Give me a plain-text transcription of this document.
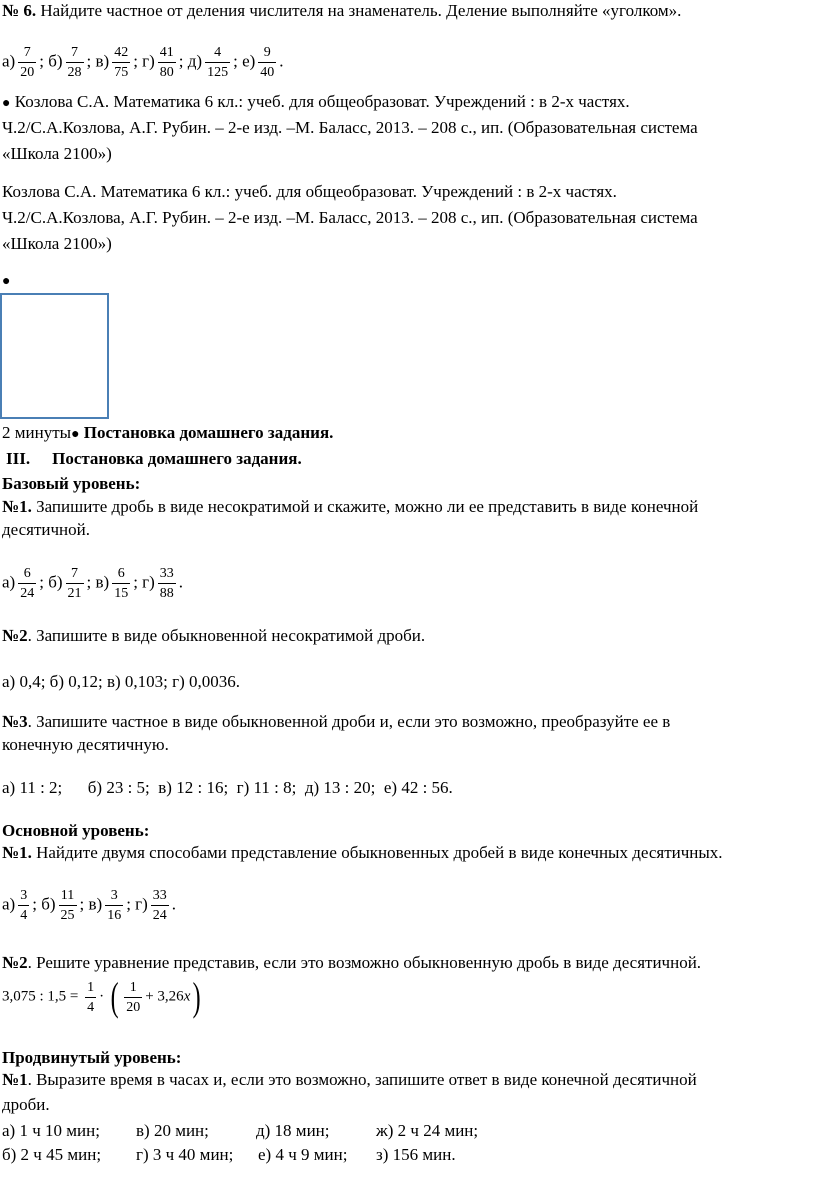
№ 6. Найдите частное от деления числителя на знаменатель. Деление выполняйте «уголком».
$а) \frac{7}{20}$ ; $б) \frac{7}{28}$ ; $в) \frac{42}{75}$ ; $г) \frac{41}{80}$ ; $д) \frac{4}{125}$ ; $е) \frac{9}{40}$ .
● Козлова С.А. Математика 6 кл.: учеб. для общеобразоват. Учреждений : в 2-х частях.
Ч.2/С.А.Козлова, А.Г. Рубин. – 2-е изд. –М. Баласс, 2013. – 208 с., ип. (Образовательная система
«Школа 2100»)
Козлова С.А. Математика 6 кл.: учеб. для общеобразоват. Учреждений : в 2-х частях.
Ч.2/С.А.Козлова, А.Г. Рубин. – 2-е изд. –М. Баласс, 2013. – 208 с., ип. (Образовательная система
«Школа 2100»)
●
2 минуты● Постановка домашнего задания.
III. Постановка домашнего задания.
Базовый уровень:
№1. Запишите дробь в виде несократимой и скажите, можно ли ее представить в виде конечной
десятичной.
$а) \frac{6}{24}$ ; $б) \frac{7}{21}$ ; $в) \frac{6}{15}$ ; $г) \frac{33}{88}$ .
№2. Запишите в виде обыкновенной несократимой дроби.
а) 0,4; б) 0,12; в) 0,103; г) 0,0036.
№3. Запишите частное в виде обыкновенной дроби и, если это возможно, преобразуйте ее в
конечную десятичную.
а) 11 : 2;      б) 23 : 5;  в) 12 : 16;  г) 11 : 8;  д) 13 : 20;  е) 42 : 56.
Основной уровень:
№1. Найдите двумя способами представление обыкновенных дробей в виде конечных десятичных.
$а) \frac{3}{4}$ ; $б) \frac{11}{25}$ ; $в) \frac{3}{16}$ ; $г) \frac{33}{24}$ .
№2. Решите уравнение представив, если это возможно обыкновенную дробь в виде десятичной.
3,075 : $1,5 = \frac{1}{4}$ · ( $\frac{1}{20} + 3,26x$)
Продвинутый уровень:
№1. Выразите время в часах и, если это возможно, запишите ответ в виде конечной десятичной
дроби.
а) 1 ч 10 мин; в) 20 мин;	д) 18 мин;	ж) 2 ч 24 мин;
б) 2 ч 45 мин; г) 3 ч 40 мин; е) 4 ч 9 мин; з) 156 мин.
